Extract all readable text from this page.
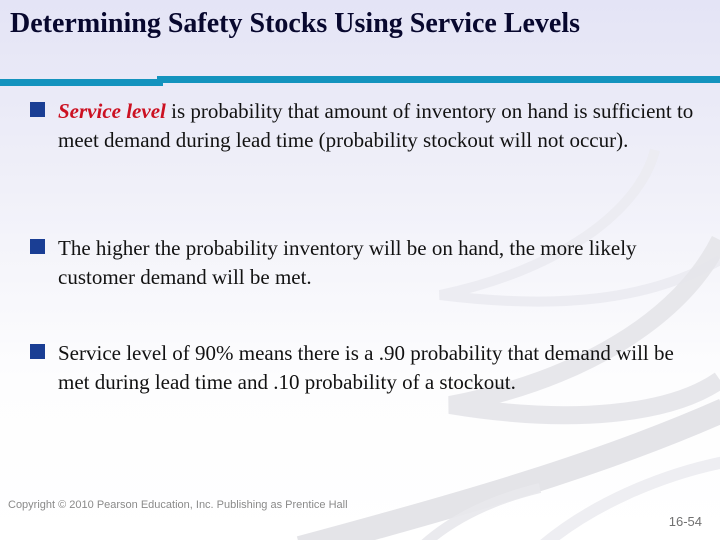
Determining Safety Stocks Using Service Levels
Service level is probability that amount of inventory on hand is sufficient to meet demand during lead time (probability stockout will not occur).
The higher the probability inventory will be on hand, the more likely customer demand will be met.
Service level of 90% means there is a .90 probability that demand will be met during lead time and .10 probability of a stockout.
Copyright © 2010 Pearson Education, Inc. Publishing as Prentice Hall
16-54
